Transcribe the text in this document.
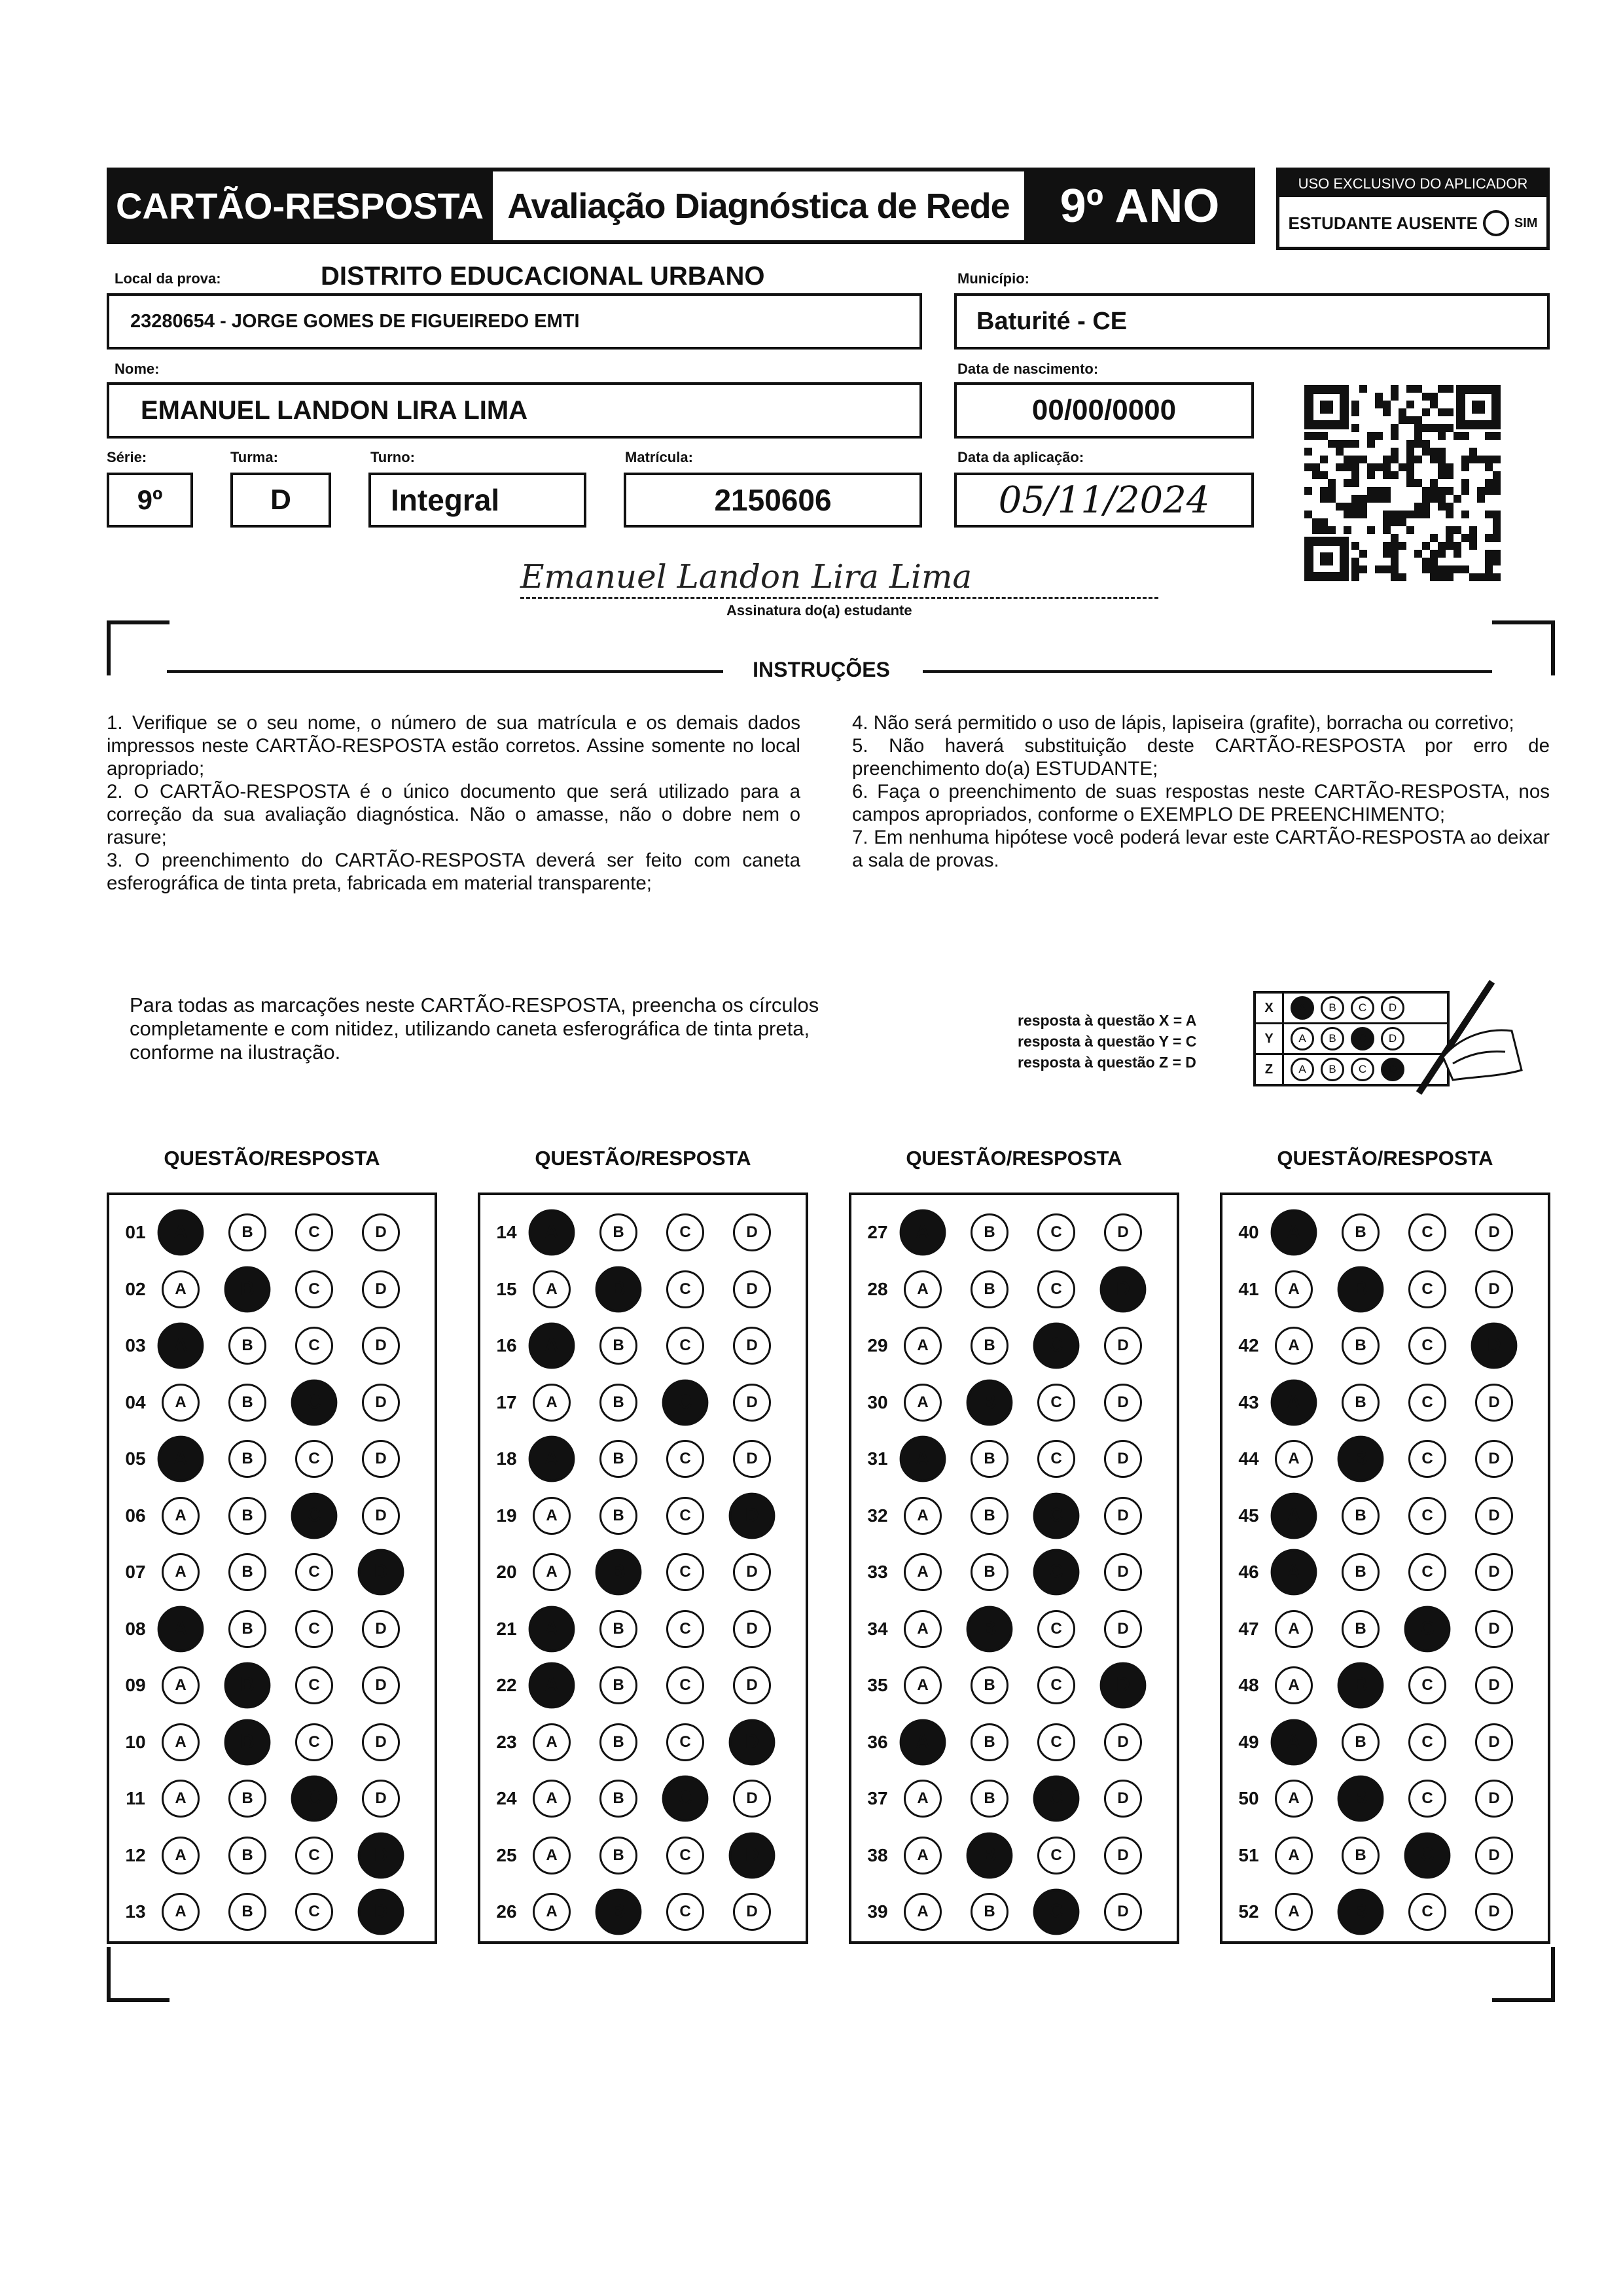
CARTÃO-RESPOSTA Avaliação Diagnóstica de Rede	9º ANO	USO EXCLUSIVO DO APLICADOR
ESTUDANTE AUSENTE	SIM
Local da prova:	DISTRITO EDUCACIONAL URBANO
23280654 - JORGE GOMES DE FIGUEIREDO EMTI
Município:
Baturité - CE
Nome:
EMANUEL LANDON LIRA LIMA
Data de nascimento:
00/00/0000
Série:
9º
Turma:
D
Turno:
Integral
Matrícula:
2150606
Data da aplicação:
05/11/2024
Emanuel Landon Lira Lima
Assinatura do(a) estudante
INSTRUÇÕES

1. Verifique se o seu nome, o número de sua matrícula e os demais dados impressos neste CARTÃO-RESPOSTA estão corretos. Assine somente no local apropriado;

2. O CARTÃO-RESPOSTA é o único documento que será utilizado para a correção da sua avaliação diagnóstica. Não o amasse, não o dobre nem o rasure;

3. O preenchimento do CARTÃO-RESPOSTA deverá ser feito com caneta esferográfica de tinta preta, fabricada em material transparente;

4. Não será permitido o uso de lápis, lapiseira (grafite), borracha ou corretivo;

5. Não haverá substituição deste CARTÃO-RESPOSTA por erro de preenchimento do(a) ESTUDANTE;

6. Faça o preenchimento de suas respostas neste CARTÃO-RESPOSTA, nos campos apropriados, conforme o EXEMPLO DE PREENCHIMENTO;

7. Em nenhuma hipótese você poderá levar este CARTÃO-RESPOSTA ao deixar a sala de provas.

Para todas as marcações neste CARTÃO-RESPOSTA, preencha os círculos completamente e com nitidez, utilizando caneta esferográfica de tinta preta, conforme na ilustração.
resposta à questão X = A
resposta à questão Y = C
resposta à questão Z = D
X	A	B	C	D
Y	A	B	C	D
Z	A	B	C	D
QUESTÃO/RESPOSTA
01	A	B	C	D
02	A	B	C	D
03	A	B	C	D
04	A	B	C	D
05	A	B	C	D
06	A	B	C	D
07	A	B	C	D
08	A	B	C	D
09	A	B	C	D
10	A	B	C	D
11	A	B	C	D
12	A	B	C	D
13	A	B	C	D
QUESTÃO/RESPOSTA
14	A	B	C	D
15	A	B	C	D
16	A	B	C	D
17	A	B	C	D
18	A	B	C	D
19	A	B	C	D
20	A	B	C	D
21	A	B	C	D
22	A	B	C	D
23	A	B	C	D
24	A	B	C	D
25	A	B	C	D
26	A	B	C	D
QUESTÃO/RESPOSTA
27	A	B	C	D
28	A	B	C	D
29	A	B	C	D
30	A	B	C	D
31	A	B	C	D
32	A	B	C	D
33	A	B	C	D
34	A	B	C	D
35	A	B	C	D
36	A	B	C	D
37	A	B	C	D
38	A	B	C	D
39	A	B	C	D
QUESTÃO/RESPOSTA
40	A	B	C	D
41	A	B	C	D
42	A	B	C	D
43	A	B	C	D
44	A	B	C	D
45	A	B	C	D
46	A	B	C	D
47	A	B	C	D
48	A	B	C	D
49	A	B	C	D
50	A	B	C	D
51	A	B	C	D
52	A	B	C	D
